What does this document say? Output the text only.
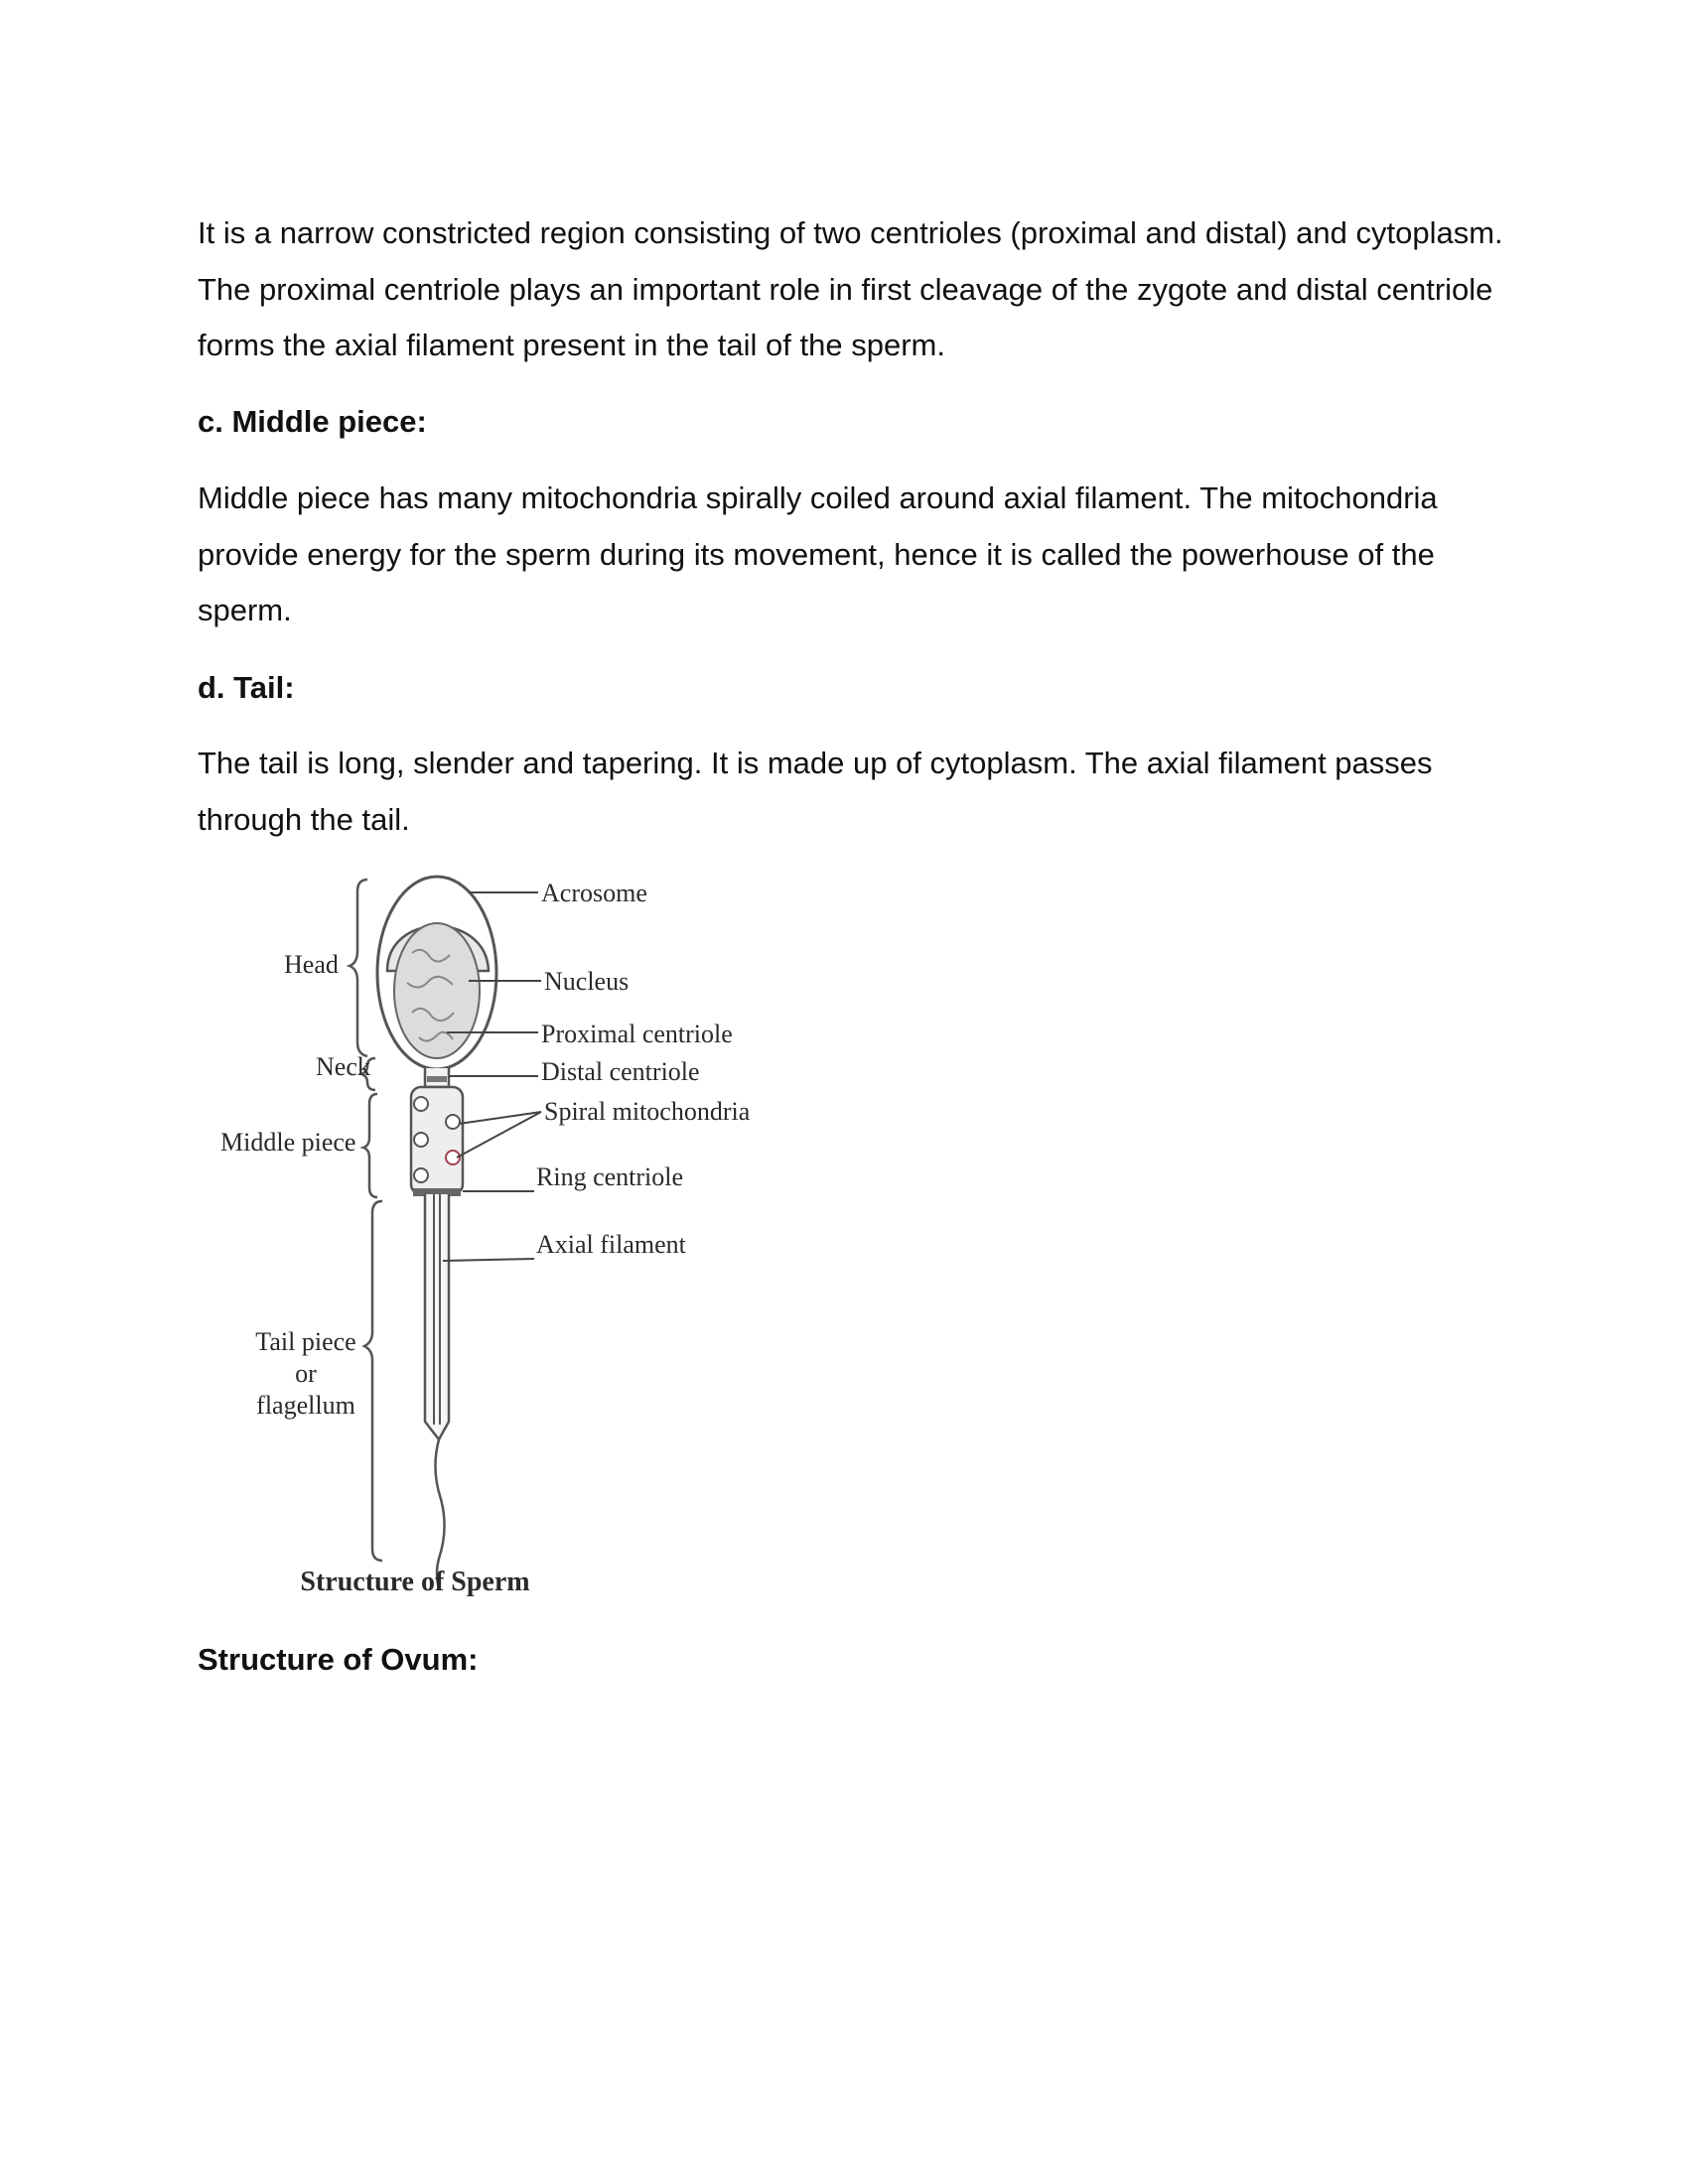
It is a narrow constricted region consisting of two centrioles (proximal and distal) and cytoplasm. The proximal centriole plays an important role in first cleavage of the zygote and distal centriole forms the axial filament present in the tail of the sperm.

c. Middle piece:

Middle piece has many mitochondria spirally coiled around axial filament. The mitochondria provide energy for the sperm during its movement, hence it is called the powerhouse of the sperm.

d. Tail:

The tail is long, slender and tapering. It is made up of cytoplasm. The axial filament passes through the tail.

Acrosome
Nucleus
Proximal centriole
Distal centriole
Spiral mitochondria
Ring centriole
Axial filament
Head
Neck
Middle piece
Tail piece
or
flagellum
Structure of Sperm
Structure of Ovum:
